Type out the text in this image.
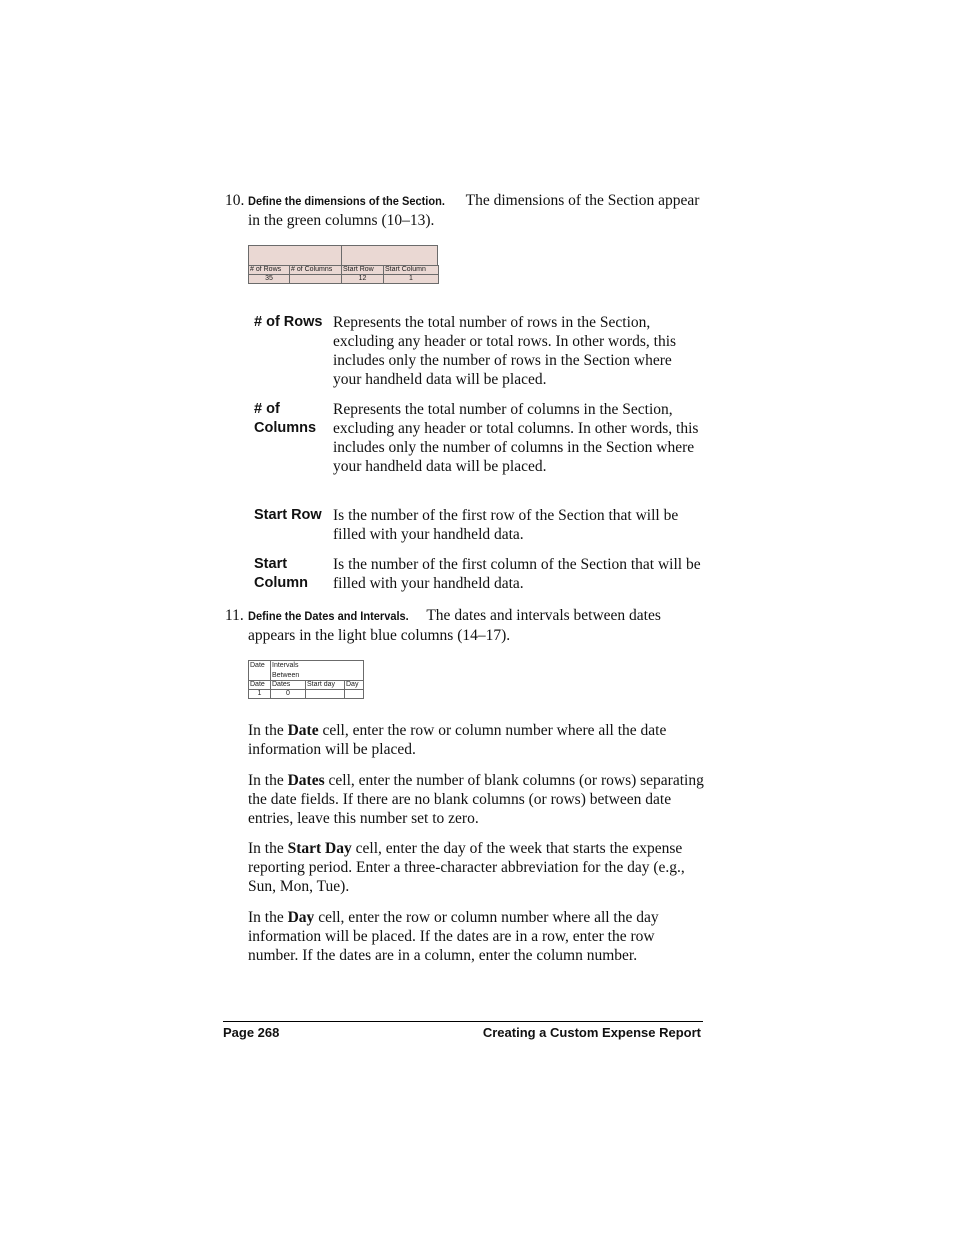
10. Define the dimensions of the Section. The dimensions of the Section appear in the green columns (10–13).
# of Rows	# of Columns	Start Row	Start Column
35		12	1
# of Rows Represents the total number of rows in the Section, excluding any header or total rows. In other words, this includes only the number of rows in the Section where your handheld data will be placed.
# of Columns
Represents the total number of columns in the Section, excluding any header or total columns. In other words, this includes only the number of columns in the Section where your handheld data will be placed.
Start Row Is the number of the first row of the Section that will be filled with your handheld data.
Start Column
Is the number of the first column of the Section that will be filled with your handheld data.
11. Define the Dates and Intervals. The dates and intervals between dates appears in the light blue columns (14–17).
Date Intervals Between
Date	Dates	Start day	Day
1	0		
In the Date cell, enter the row or column number where all the date information will be placed.
In the Dates cell, enter the number of blank columns (or rows) separating the date fields. If there are no blank columns (or rows) between date entries, leave this number set to zero.
In the Start Day cell, enter the day of the week that starts the expense reporting period. Enter a three-character abbreviation for the day (e.g., Sun, Mon, Tue).
In the Day cell, enter the row or column number where all the day information will be placed. If the dates are in a row, enter the row number. If the dates are in a column, enter the column number.
Page 268	Creating a Custom Expense Report
